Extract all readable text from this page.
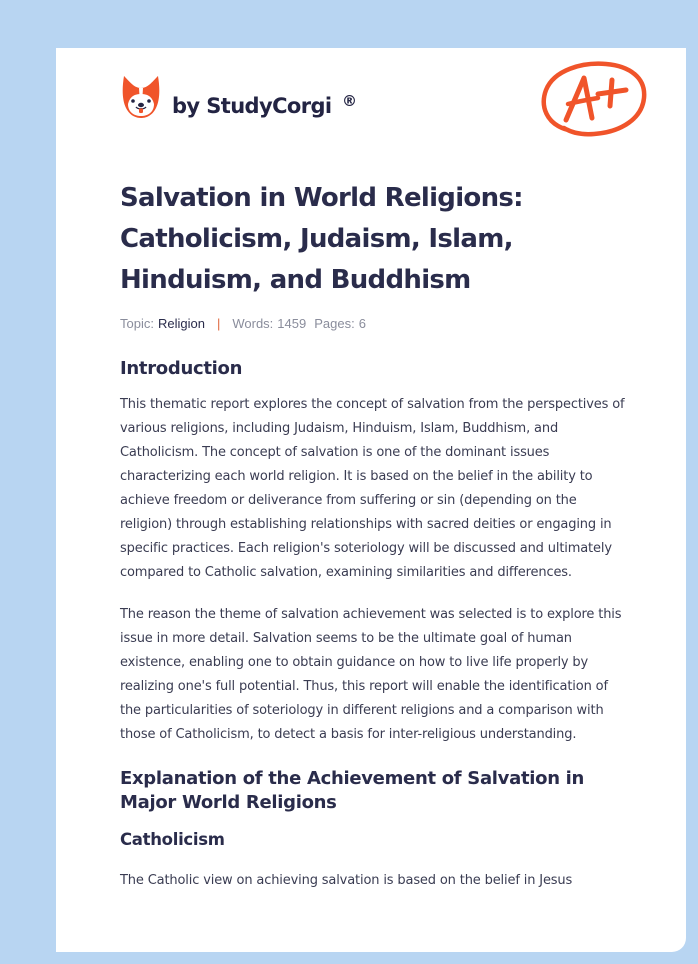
by StudyCorgi ®
Salvation in World Religions:
Catholicism, Judaism, Islam,
Hinduism, and Buddhism
Topic: Religion | Words: 1459 Pages: 6
Introduction

This thematic report explores the concept of salvation from the perspectives of various religions, including Judaism, Hinduism, Islam, Buddhism, and Catholicism. The concept of salvation is one of the dominant issues characterizing each world religion. It is based on the belief in the ability to achieve freedom or deliverance from suffering or sin (depending on the religion) through establishing relationships with sacred deities or engaging in specific practices. Each religion's soteriology will be discussed and ultimately compared to Catholic salvation, examining similarities and differences.

The reason the theme of salvation achievement was selected is to explore this issue in more detail. Salvation seems to be the ultimate goal of human existence, enabling one to obtain guidance on how to live life properly by realizing one's full potential. Thus, this report will enable the identification of the particularities of soteriology in different religions and a comparison with those of Catholicism, to detect a basis for inter-religious understanding.

Explanation of the Achievement of Salvation in Major World Religions
Catholicism

The Catholic view on achieving salvation is based on the belief in Jesus
